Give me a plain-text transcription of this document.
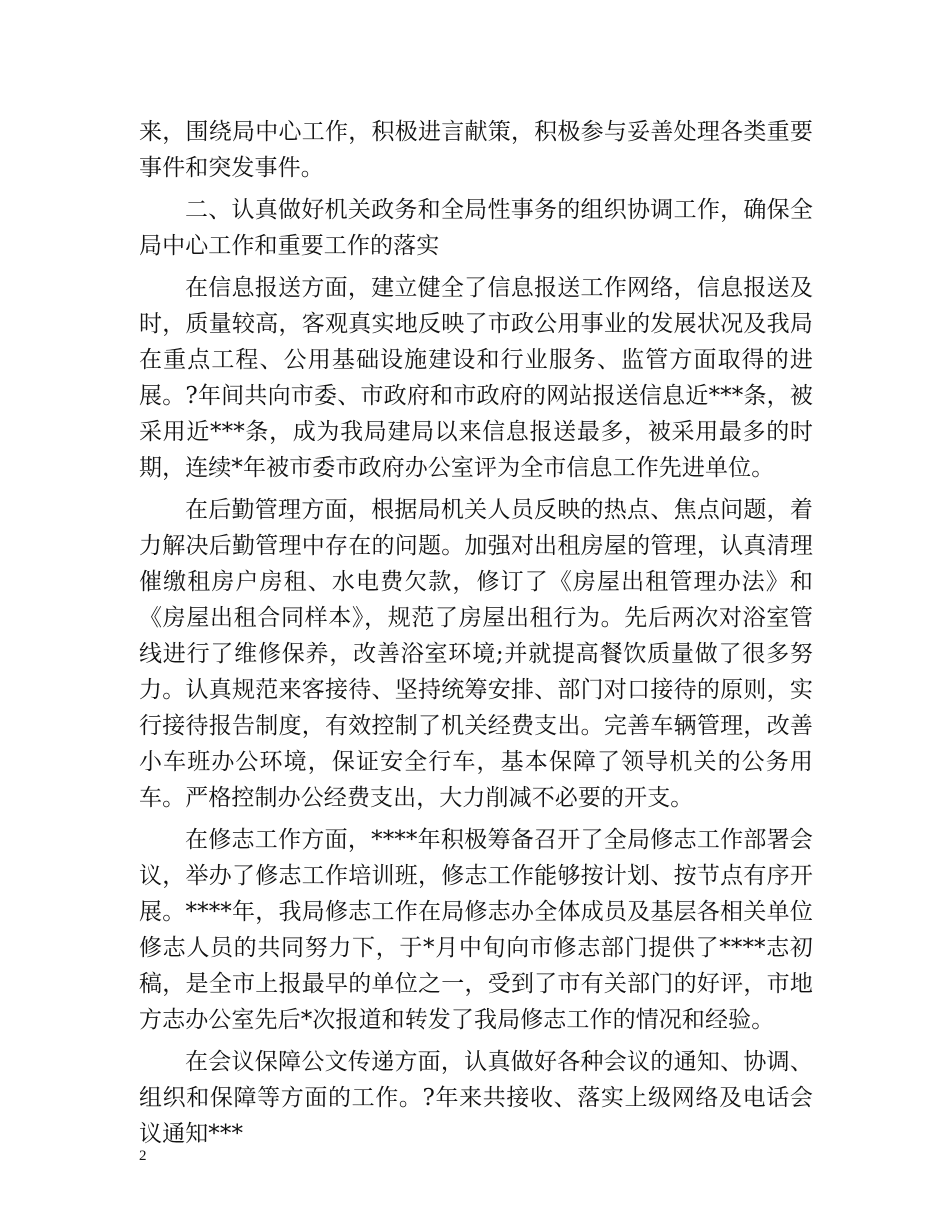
来，围绕局中心工作，积极进言献策，积极参与妥善处理各类重要事件和突发事件。

二、认真做好机关政务和全局性事务的组织协调工作，确保全局中心工作和重要工作的落实

在信息报送方面，建立健全了信息报送工作网络，信息报送及时，质量较高，客观真实地反映了市政公用事业的发展状况及我局在重点工程、公用基础设施建设和行业服务、监管方面取得的进展。?年间共向市委、市政府和市政府的网站报送信息近***条，被采用近***条，成为我局建局以来信息报送最多，被采用最多的时期，连续*年被市委市政府办公室评为全市信息工作先进单位。

在后勤管理方面，根据局机关人员反映的热点、焦点问题，着力解决后勤管理中存在的问题。加强对出租房屋的管理，认真清理催缴租房户房租、水电费欠款，修订了《房屋出租管理办法》和《房屋出租合同样本》，规范了房屋出租行为。先后两次对浴室管线进行了维修保养，改善浴室环境;并就提高餐饮质量做了很多努力。认真规范来客接待、坚持统筹安排、部门对口接待的原则，实行接待报告制度，有效控制了机关经费支出。完善车辆管理，改善小车班办公环境，保证安全行车，基本保障了领导机关的公务用车。严格控制办公经费支出，大力削减不必要的开支。

在修志工作方面，****年积极筹备召开了全局修志工作部署会议，举办了修志工作培训班，修志工作能够按计划、按节点有序开展。****年，我局修志工作在局修志办全体成员及基层各相关单位修志人员的共同努力下，于*月中旬向市修志部门提供了****志初稿，是全市上报最早的单位之一，受到了市有关部门的好评，市地方志办公室先后*次报道和转发了我局修志工作的情况和经验。

在会议保障公文传递方面，认真做好各种会议的通知、协调、组织和保障等方面的工作。?年来共接收、落实上级网络及电话会议通知***

2
